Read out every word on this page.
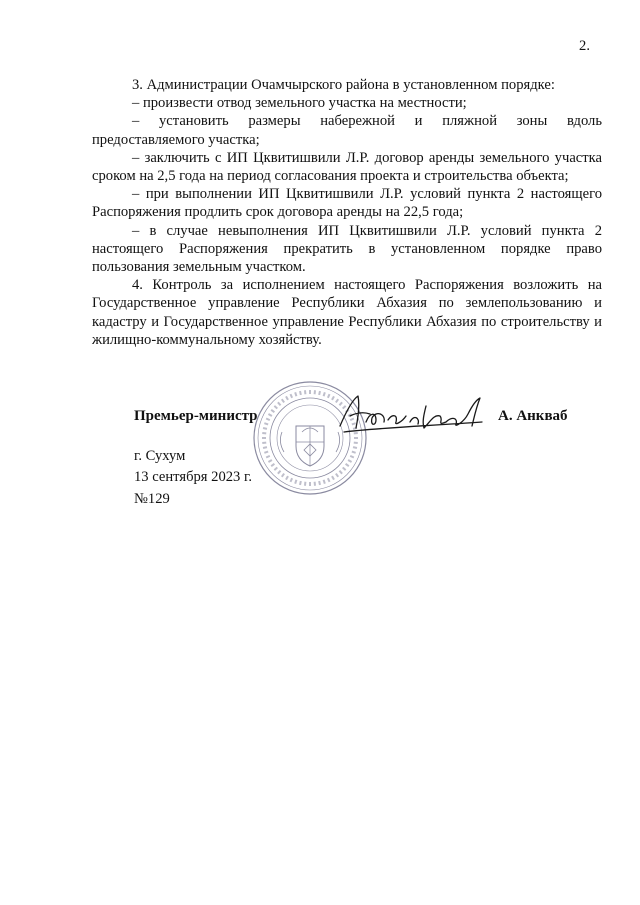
2.

3. Администрации Очамчырского района в установленном порядке:

– произвести отвод земельного участка на местности;

– установить размеры набережной и пляжной зоны вдоль предоставляемого участка;

– заключить с ИП Цквитишвили Л.Р. договор аренды земельного участка сроком на 2,5 года на период согласования проекта и строительства объекта;

– при выполнении ИП Цквитишвили Л.Р. условий пункта 2 настоящего Распоряжения продлить срок договора аренды на 22,5 года;

– в случае невыполнения ИП Цквитишвили Л.Р. условий пункта 2 настоящего Распоряжения прекратить в установленном порядке право пользования земельным участком.

4. Контроль за исполнением настоящего Распоряжения возложить на Государственное управление Республики Абхазия по землепользованию и кадастру и Государственное управление Республики Абхазия по строительству и жилищно-коммунальному хозяйству.

Премьер-министр	А. Анкваб
г. Сухум
13 сентября 2023 г.
№129
